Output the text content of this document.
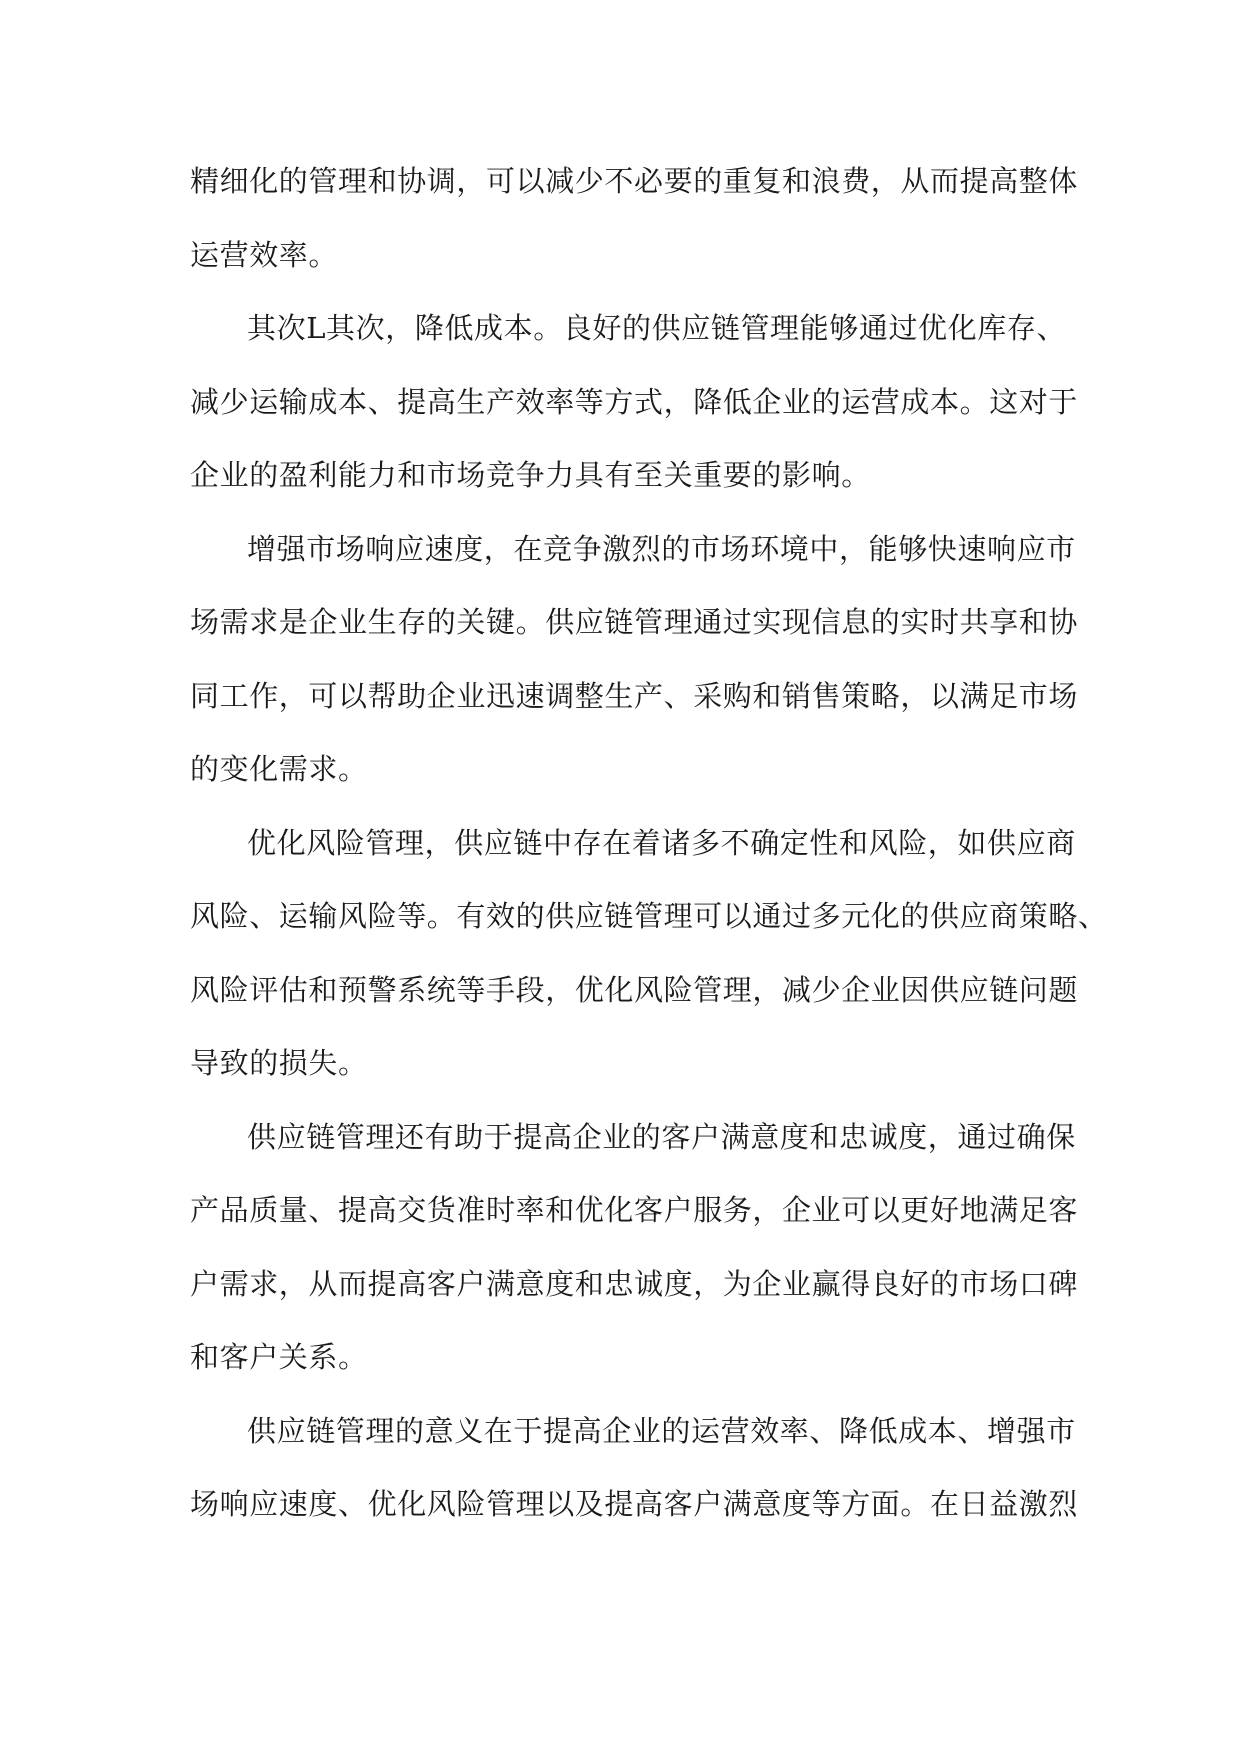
精细化的管理和协调，可以减少不必要的重复和浪费，从而提高整体
运营效率。
其次L其次，降低成本。良好的供应链管理能够通过优化库存、
减少运输成本、提高生产效率等方式，降低企业的运营成本。这对于
企业的盈利能力和市场竞争力具有至关重要的影响。
增强市场响应速度，在竞争激烈的市场环境中，能够快速响应市
场需求是企业生存的关键。供应链管理通过实现信息的实时共享和协
同工作，可以帮助企业迅速调整生产、采购和销售策略，以满足市场
的变化需求。
优化风险管理，供应链中存在着诸多不确定性和风险，如供应商
风险、运输风险等。有效的供应链管理可以通过多元化的供应商策略、
风险评估和预警系统等手段，优化风险管理，减少企业因供应链问题
导致的损失。
供应链管理还有助于提高企业的客户满意度和忠诚度，通过确保
产品质量、提高交货准时率和优化客户服务，企业可以更好地满足客
户需求，从而提高客户满意度和忠诚度，为企业赢得良好的市场口碑
和客户关系。
供应链管理的意义在于提高企业的运营效率、降低成本、增强市
场响应速度、优化风险管理以及提高客户满意度等方面。在日益激烈
